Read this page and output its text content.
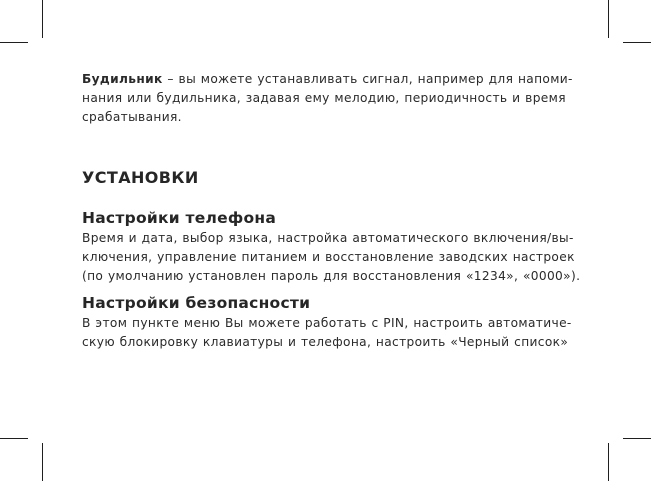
Будильник – вы можете устанавливать сигнал, например для напоми-
нания или будильника, задавая ему мелодию, периодичность и время
срабатывания.
УСТАНОВКИ
Настройки телефона
Время и дата, выбор языка, настройка автоматического включения/вы-
ключения, управление питанием и восстановление заводских настроек
(по умолчанию установлен пароль для восстановления «1234», «0000»).
Настройки безопасности
В этом пункте меню Вы можете работать с PIN, настроить автоматиче-
скую блокировку клавиатуры и телефона, настроить «Черный список»
